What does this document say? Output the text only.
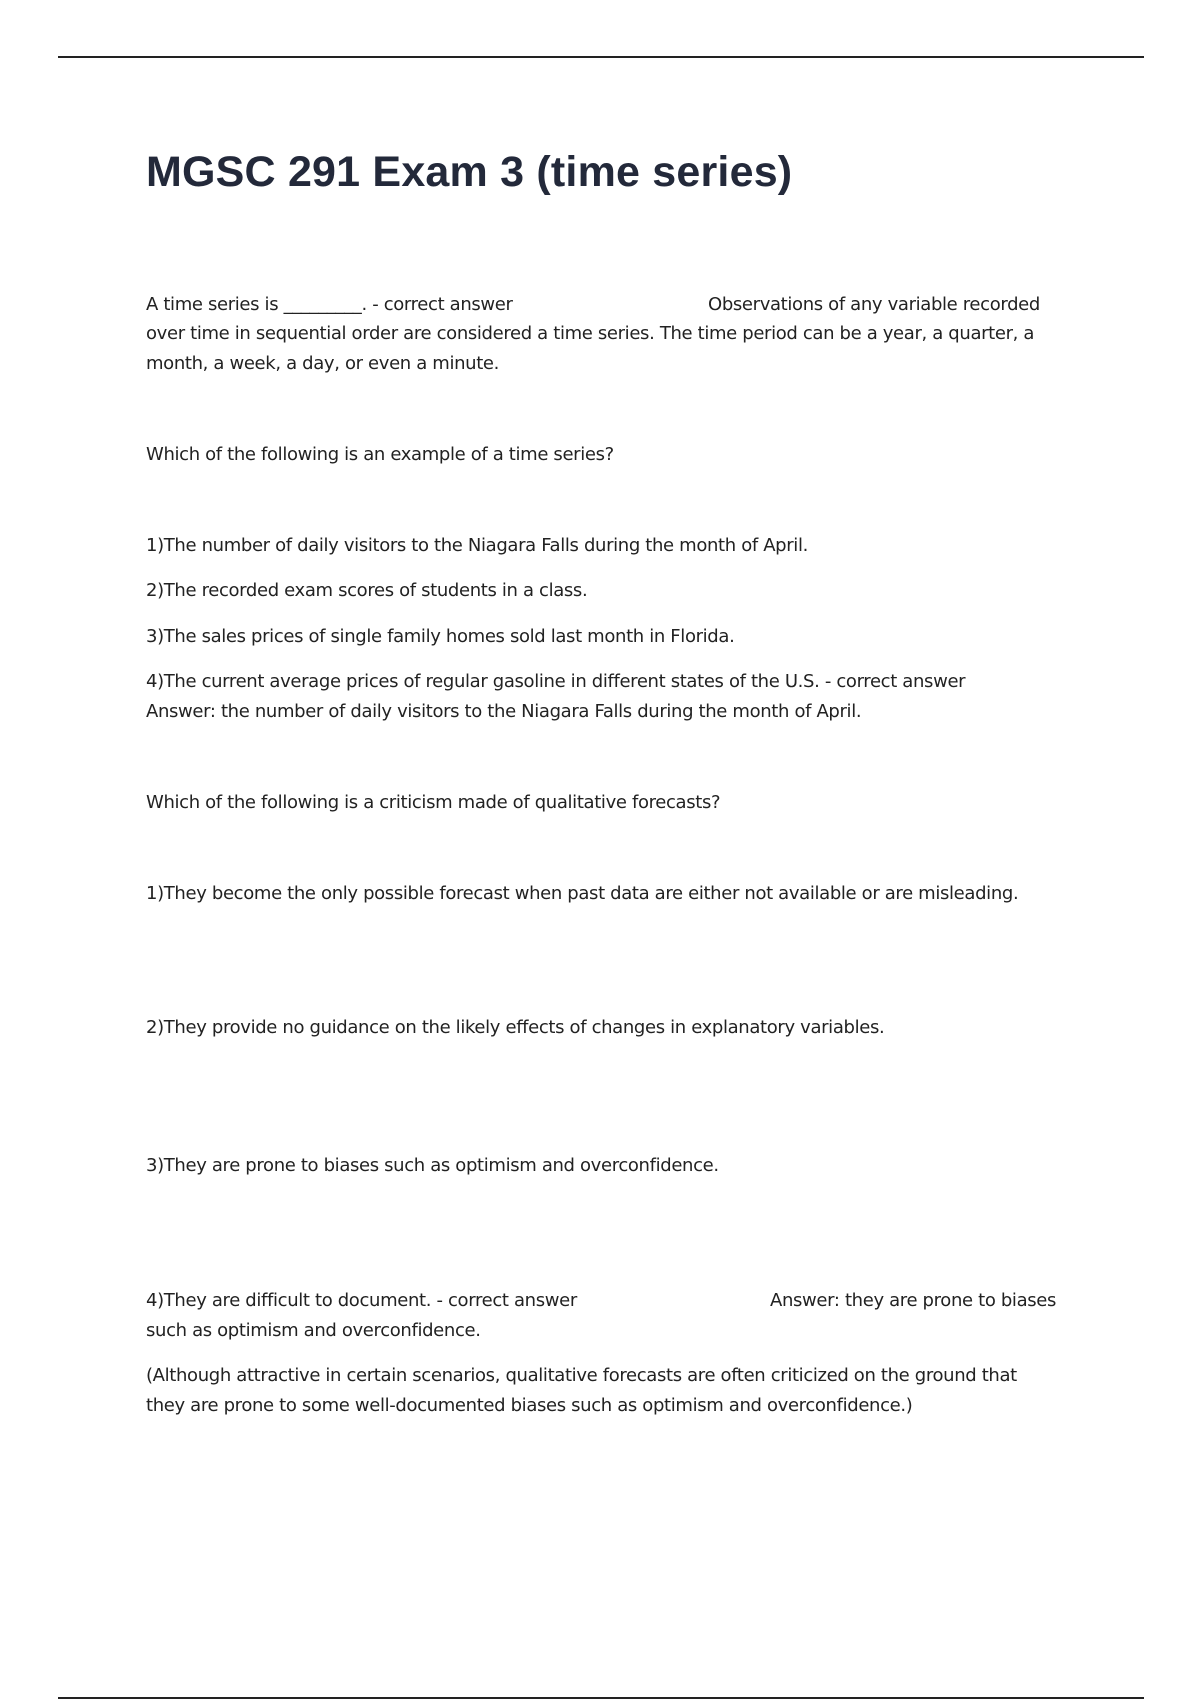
MGSC 291 Exam 3 (time series)
A time series is _________. - correct answer	Observations of any variable recorded

over time in sequential order are considered a time series. The time period can be a year, a quarter, a

month, a week, a day, or even a minute.

Which of the following is an example of a time series?

1)The number of daily visitors to the Niagara Falls during the month of April.

2)The recorded exam scores of students in a class.

3)The sales prices of single family homes sold last month in Florida.

4)The current average prices of regular gasoline in different states of the U.S. - correct answer

Answer: the number of daily visitors to the Niagara Falls during the month of April.

Which of the following is a criticism made of qualitative forecasts?

1)They become the only possible forecast when past data are either not available or are misleading.

2)They provide no guidance on the likely effects of changes in explanatory variables.

3)They are prone to biases such as optimism and overconfidence.

4)They are difficult to document. - correct answer	Answer: they are prone to biases

such as optimism and overconfidence.

(Although attractive in certain scenarios, qualitative forecasts are often criticized on the ground that

they are prone to some well-documented biases such as optimism and overconfidence.)
